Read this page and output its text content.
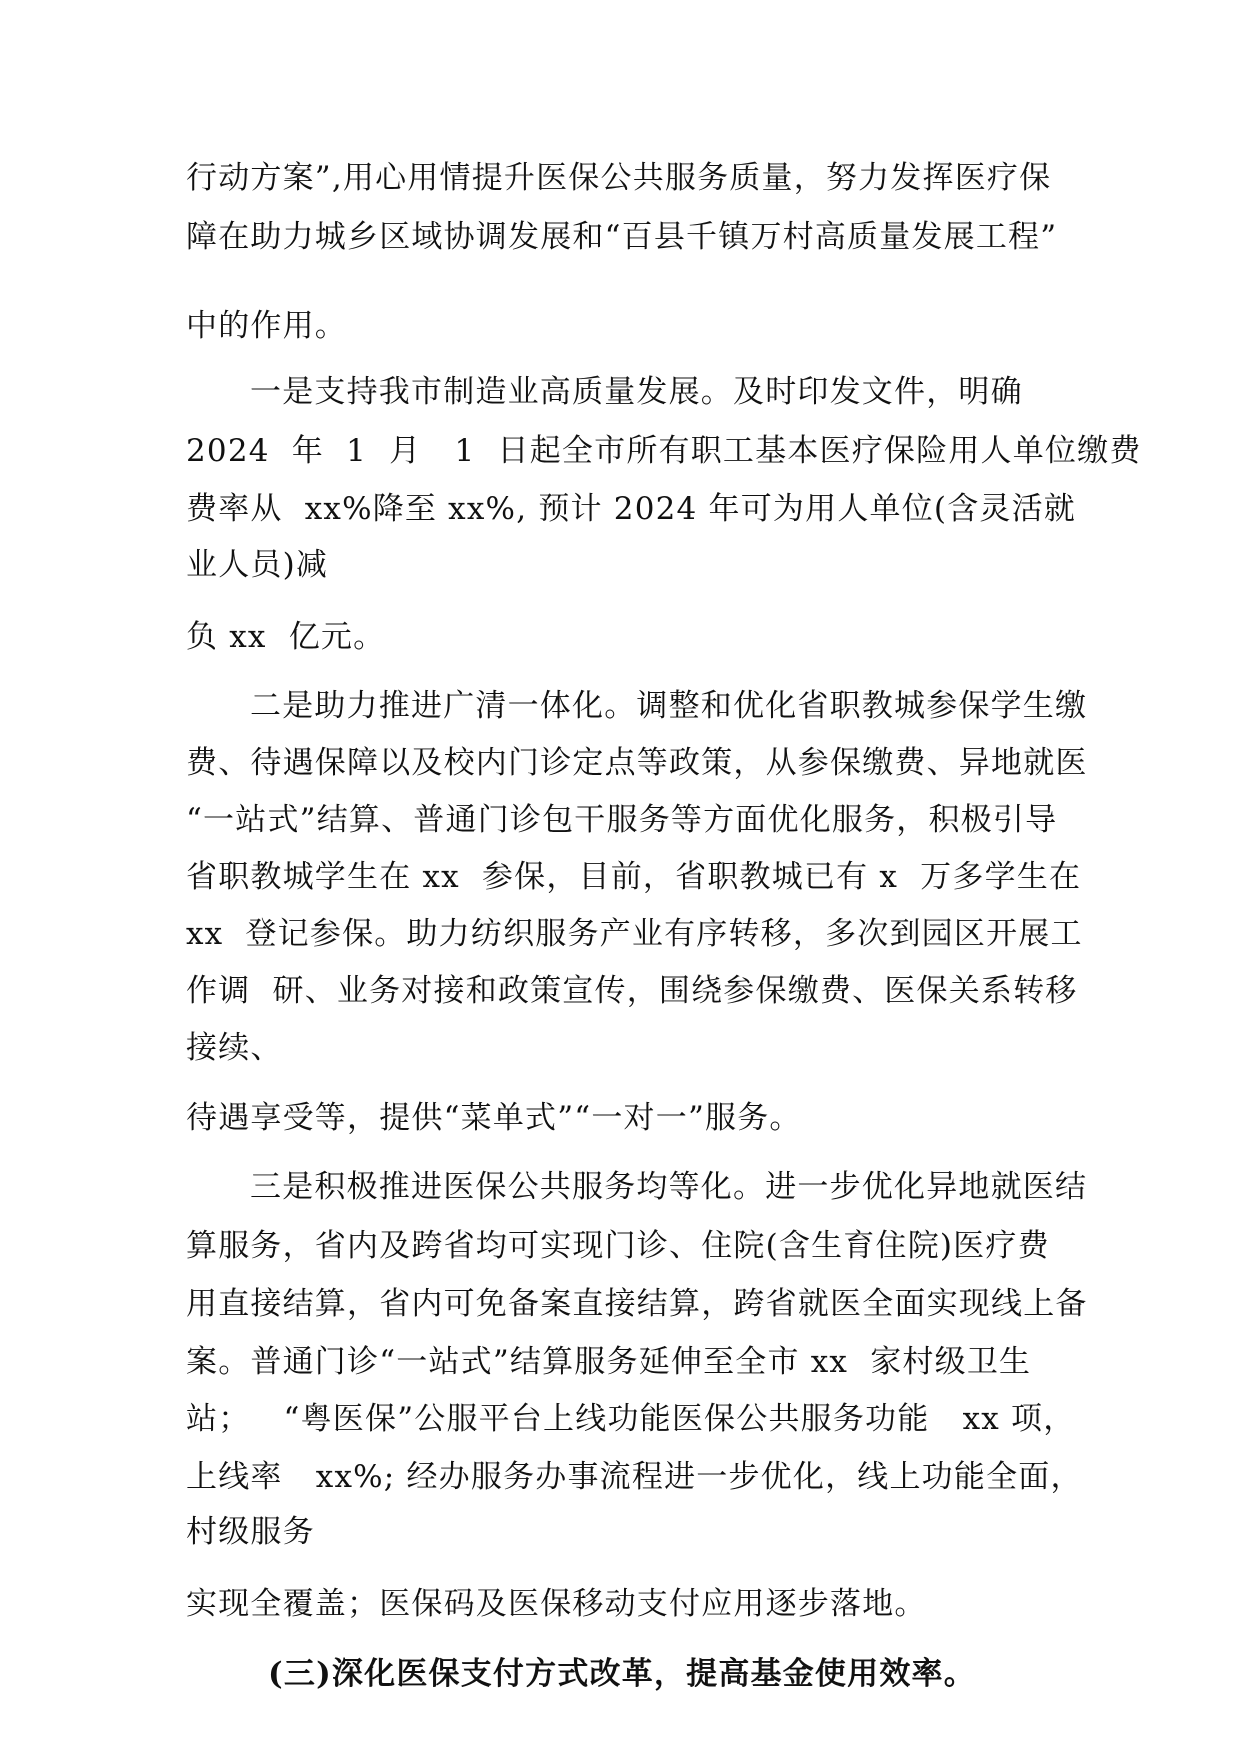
行动方案”,用心用情提升医保公共服务质量，努力发挥医疗保
障在助力城乡区域协调发展和“百县千镇万村高质量发展工程”
中的作用。
一是支持我市制造业高质量发展。及时印发文件，明确
2024  年  1  月   1  日起全市所有职工基本医疗保险用人单位缴费
费率从  xx%降至 xx%, 预计 2024 年可为用人单位(含灵活就
业人员)减
负 xx  亿元。
二是助力推进广清一体化。调整和优化省职教城参保学生缴
费、待遇保障以及校内门诊定点等政策，从参保缴费、异地就医
“一站式”结算、普通门诊包干服务等方面优化服务，积极引导
省职教城学生在 xx  参保，目前，省职教城已有 x  万多学生在
xx  登记参保。助力纺织服务产业有序转移，多次到园区开展工
作调  研、业务对接和政策宣传，围绕参保缴费、医保关系转移
接续、
待遇享受等，提供“菜单式”“一对一”服务。
三是积极推进医保公共服务均等化。进一步优化异地就医结
算服务，省内及跨省均可实现门诊、住院(含生育住院)医疗费
用直接结算，省内可免备案直接结算，跨省就医全面实现线上备
案。普通门诊“一站式”结算服务延伸至全市 xx  家村级卫生
站；   “粤医保”公服平台上线功能医保公共服务功能   xx 项，
上线率   xx%; 经办服务办事流程进一步优化，线上功能全面，
村级服务
实现全覆盖；医保码及医保移动支付应用逐步落地。
(三)深化医保支付方式改革，提高基金使用效率。
